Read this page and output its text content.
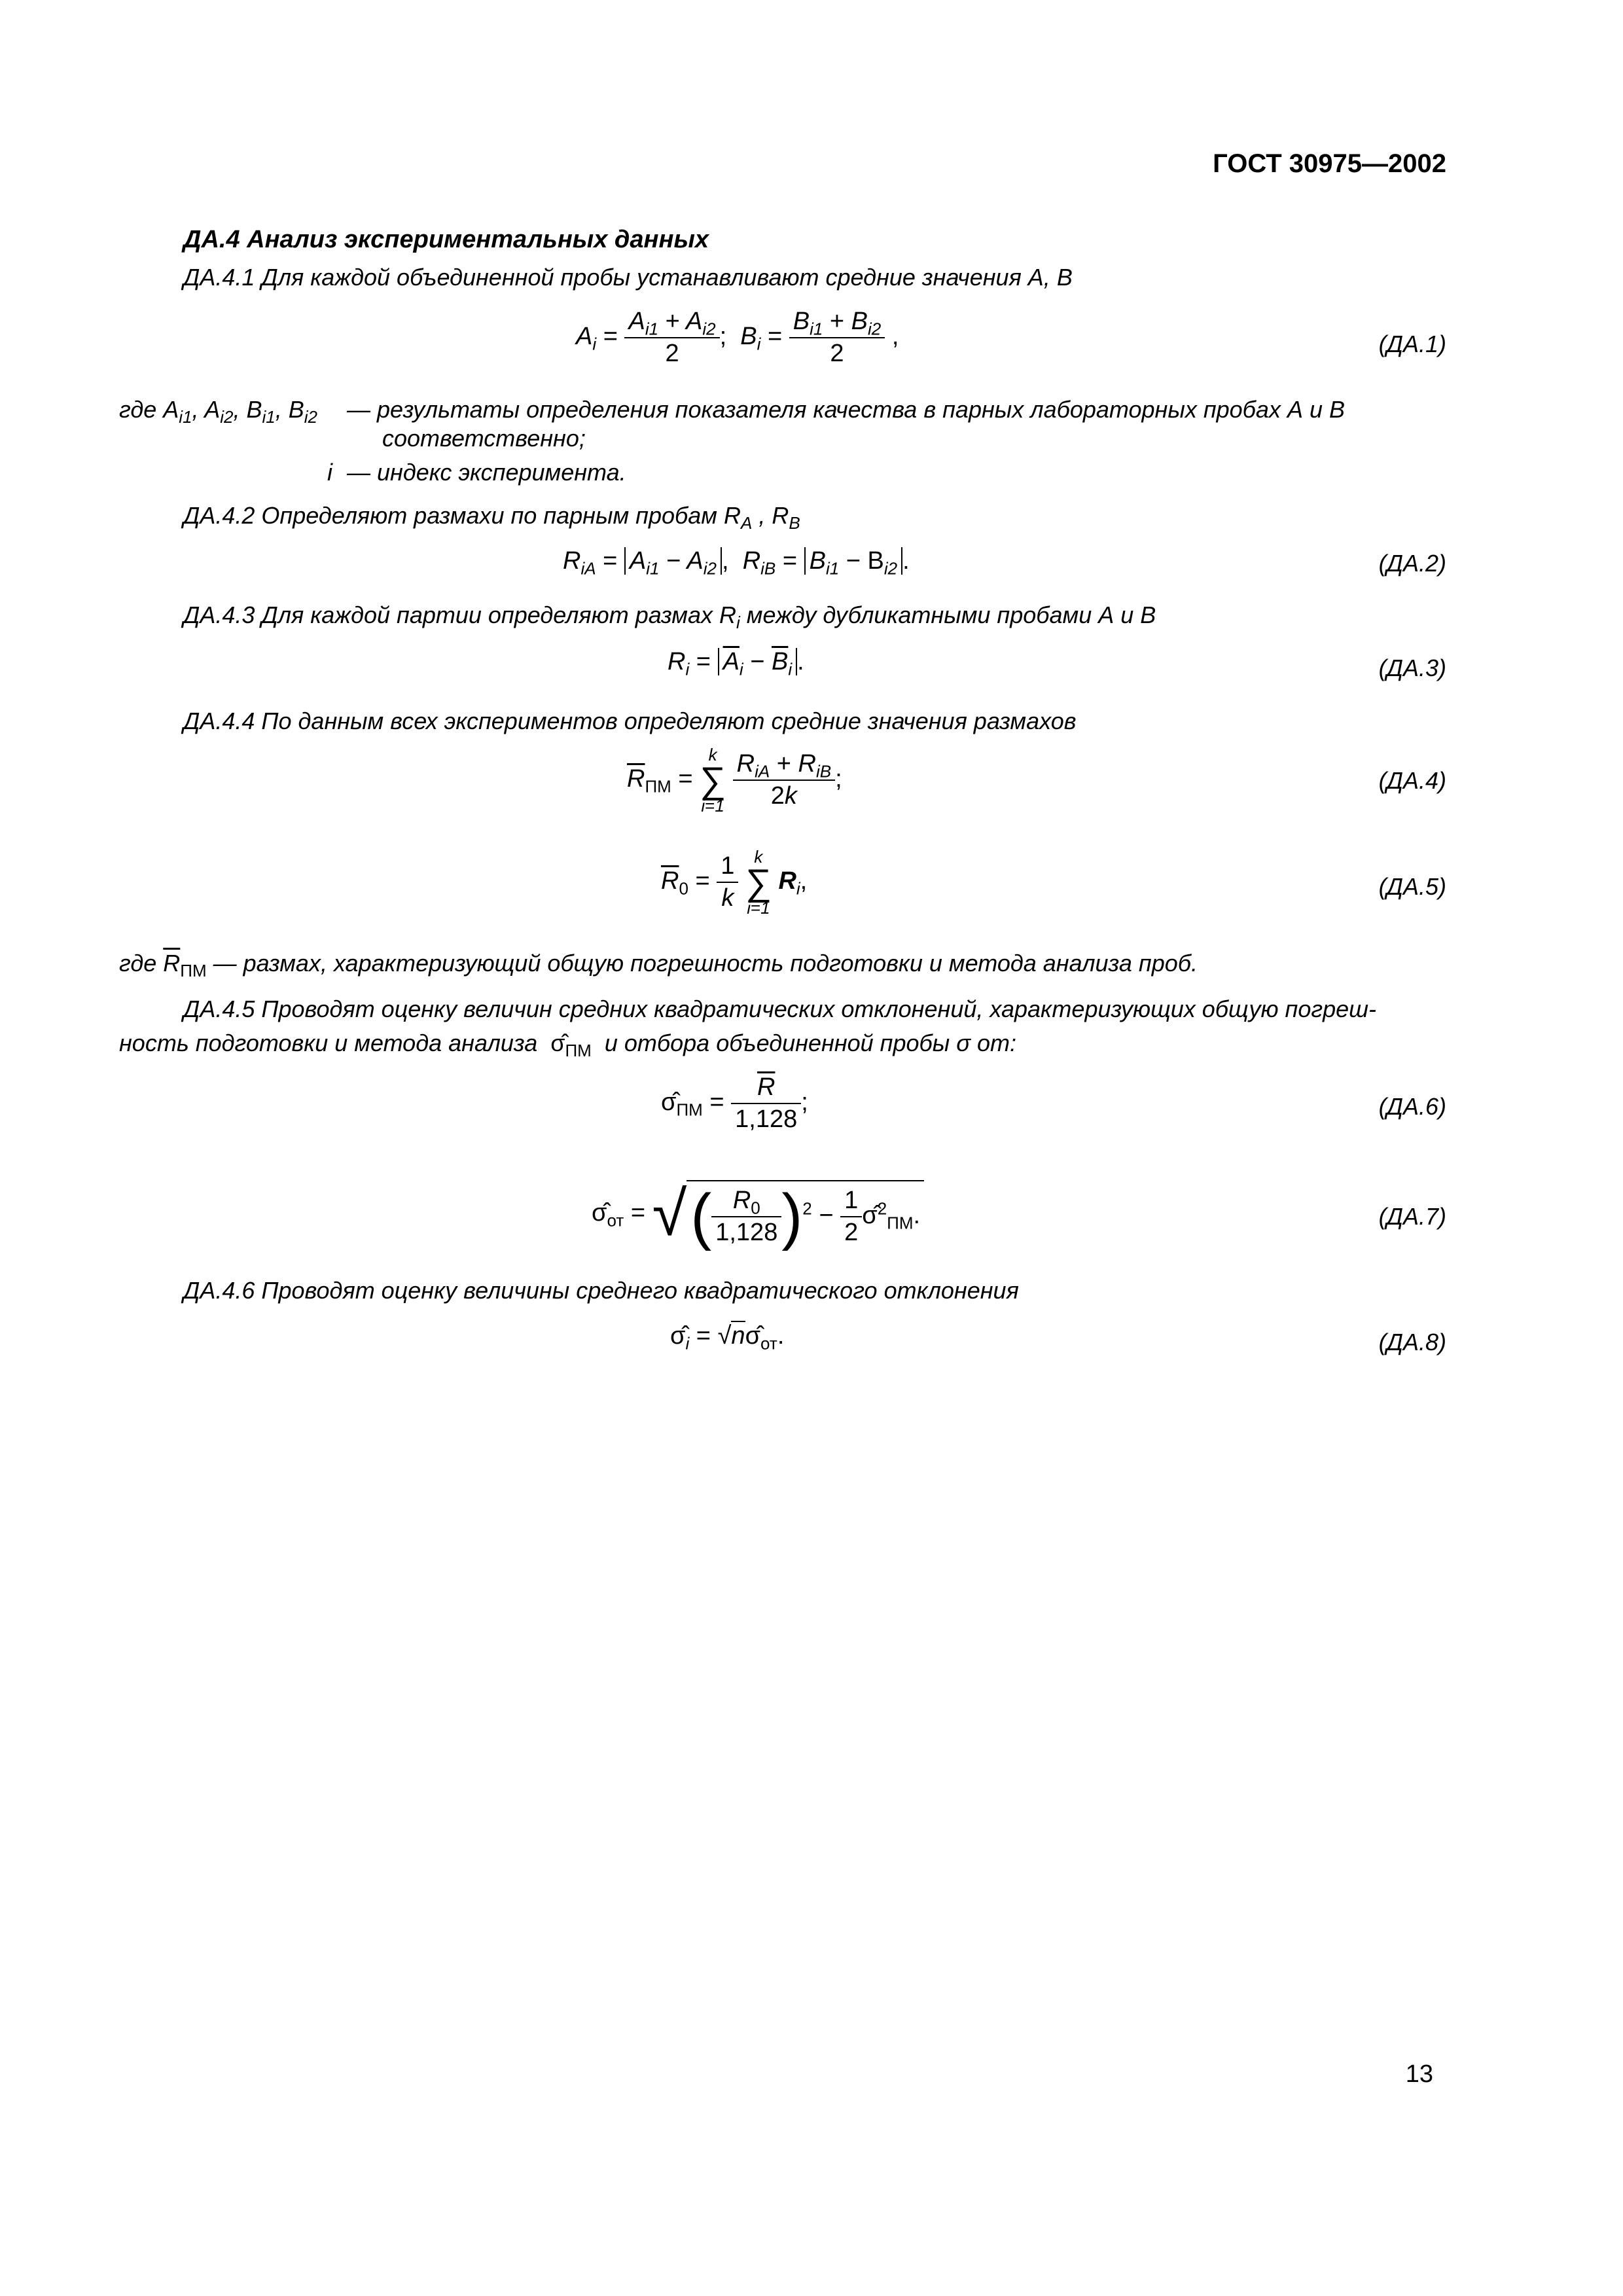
ГОСТ 30975—2002
ДА.4 Анализ экспериментальных данных
ДА.4.1 Для каждой объединенной пробы устанавливают средние значения А, В
$A_i = \frac{A_{i1} + A_{i2}}{2}$ ;  $B_i = \frac{B_{i1} + B_{i2}}{2}$ ,	(ДА.1)
где $A_{i1}$, $A_{i2}$, $B_{i1}$, $B_{i2}$ — результаты определения показателя качества в парных лабораторных пробах А и В
соответственно;
i — индекс эксперимента.
ДА.4.2 Определяют размахи по парным пробам $R_A$ , $R_B$
$R_{iA} = A_{i1} - A_{i2}$ ,  $R_{iB} = B_{i1} - B_{i2}$ .	(ДА.2)
ДА.4.3 Для каждой партии определяют размах $R_i$ между дубликатными пробами А и В
$R_i = \overline{A}_i - \overline{B}_i$ .	(ДА.3)
ДА.4.4 По данным всех экспериментов определяют средние значения размахов
$\overline{R}_{ПМ}$ =
k
∑
i=1
$\frac{R_{iA} + R_{iB}}{2k}$ ;	(ДА.4)
$\overline{R}_0 = \frac{1}{k}$
k
∑
i=1
$R_i$,	(ДА.5)
где $\overline{R}_{ПМ}$ — размах, характеризующий общую погрешность подготовки и метода анализа проб.
ДА.4.5 Проводят оценку величин средних квадратических отклонений, характеризующих общую погреш-
ность подготовки и метода анализа $\sigmâ_{ПМ}$ и отбора объединенной пробы σ от:
$\sigmâ_{ПМ} = \frac{\overline{R}}{1,128}$ ;	(ДА.6)
$\sigmâ_{от}$ = √( $\frac{R_0}{1,128} )^2 - \frac{1}{2}$ σ̂$^2_{ПМ}$.	(ДА.7)
ДА.4.6 Проводят оценку величины среднего квадратического отклонения
$\sigmâ_i$ = $√n\sigmâ_{от}$.	(ДА.8)
13
